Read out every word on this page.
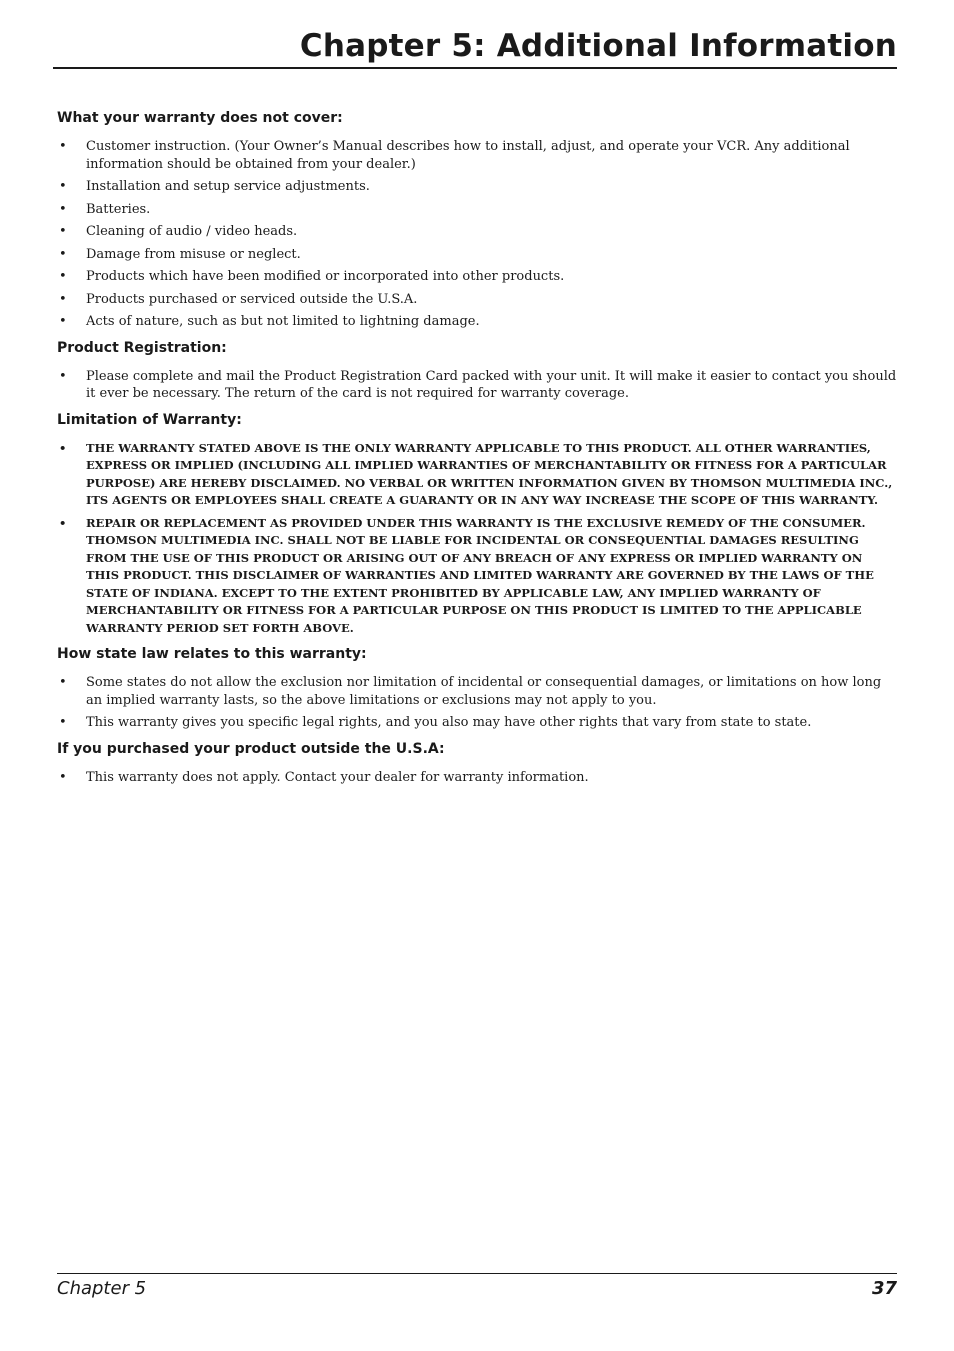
Chapter 5: Additional Information
What your warranty does not cover:
• Customer instruction. (Your Owner’s Manual describes how to install, adjust, and operate your VCR. Any additional information should be obtained from your dealer.)
• Installation and setup service adjustments.
• Batteries.
• Cleaning of audio / video heads.
• Damage from misuse or neglect.
• Products which have been modified or incorporated into other products.
• Products purchased or serviced outside the U.S.A.
• Acts of nature, such as but not limited to lightning damage.
Product Registration:
• Please complete and mail the Product Registration Card packed with your unit. It will make it easier to contact you should it ever be necessary. The return of the card is not required for warranty coverage.
Limitation of Warranty:
• THE WARRANTY STATED ABOVE IS THE ONLY WARRANTY APPLICABLE TO THIS PRODUCT. ALL OTHER WARRANTIES, EXPRESS OR IMPLIED (INCLUDING ALL IMPLIED WARRANTIES OF MERCHANTABILITY OR FITNESS FOR A PARTICULAR PURPOSE) ARE HEREBY DISCLAIMED. NO VERBAL OR WRITTEN INFORMATION GIVEN BY THOMSON MULTIMEDIA INC., ITS AGENTS OR EMPLOYEES SHALL CREATE A GUARANTY OR IN ANY WAY INCREASE THE SCOPE OF THIS WARRANTY.
• REPAIR OR REPLACEMENT AS PROVIDED UNDER THIS WARRANTY IS THE EXCLUSIVE REMEDY OF THE CONSUMER. THOMSON MULTIMEDIA INC. SHALL NOT BE LIABLE FOR INCIDENTAL OR CONSEQUENTIAL DAMAGES RESULTING FROM THE USE OF THIS PRODUCT OR ARISING OUT OF ANY BREACH OF ANY EXPRESS OR IMPLIED WARRANTY ON THIS PRODUCT. THIS DISCLAIMER OF WARRANTIES AND LIMITED WARRANTY ARE GOVERNED BY THE LAWS OF THE STATE OF INDIANA. EXCEPT TO THE EXTENT PROHIBITED BY APPLICABLE LAW, ANY IMPLIED WARRANTY OF MERCHANTABILITY OR FITNESS FOR A PARTICULAR PURPOSE ON THIS PRODUCT IS LIMITED TO THE APPLICABLE WARRANTY PERIOD SET FORTH ABOVE.
How state law relates to this warranty:
• Some states do not allow the exclusion nor limitation of incidental or consequential damages, or limitations on how long an implied warranty lasts, so the above limitations or exclusions may not apply to you.
• This warranty gives you specific legal rights, and you also may have other rights that vary from state to state.
If you purchased your product outside the U.S.A:
• This warranty does not apply. Contact your dealer for warranty information.
Chapter 5	37
